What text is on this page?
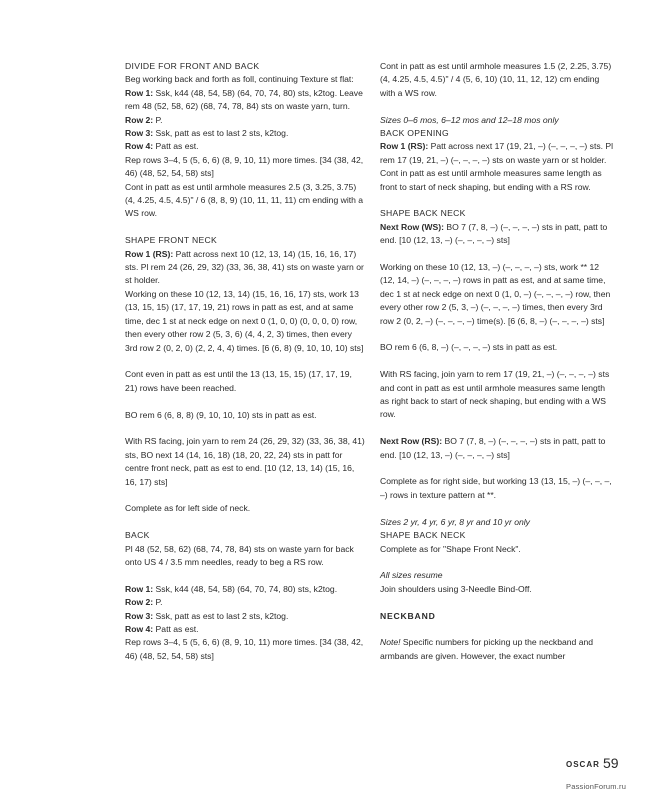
DIVIDE FOR FRONT AND BACK

Beg working back and forth as foll, continuing Texture st flat:

Row 1: Ssk, k44 (48, 54, 58) (64, 70, 74, 80) sts, k2tog. Leave rem 48 (52, 58, 62) (68, 74, 78, 84) sts on waste yarn, turn.

Row 2: P.

Row 3: Ssk, patt as est to last 2 sts, k2tog.

Row 4: Patt as est.

Rep rows 3–4, 5 (5, 6, 6) (8, 9, 10, 11) more times. [34 (38, 42, 46) (48, 52, 54, 58) sts]

Cont in patt as est until armhole measures 2.5 (3, 3.25, 3.75) (4, 4.25, 4.5, 4.5)" / 6 (8, 8, 9) (10, 11, 11, 11) cm ending with a WS row.

SHAPE FRONT NECK

Row 1 (RS): Patt across next 10 (12, 13, 14) (15, 16, 16, 17) sts. Pl rem 24 (26, 29, 32) (33, 36, 38, 41) sts on waste yarn or st holder.

Working on these 10 (12, 13, 14) (15, 16, 16, 17) sts, work 13 (13, 15, 15) (17, 17, 19, 21) rows in patt as est, and at same time, dec 1 st at neck edge on next 0 (1, 0, 0) (0, 0, 0, 0) row, then every other row 2 (5, 3, 6) (4, 4, 2, 3) times, then every 3rd row 2 (0, 2, 0) (2, 2, 4, 4) times. [6 (6, 8) (9, 10, 10, 10) sts]

Cont even in patt as est until the 13 (13, 15, 15) (17, 17, 19, 21) rows have been reached.

BO rem 6 (6, 8, 8) (9, 10, 10, 10) sts in patt as est.

With RS facing, join yarn to rem 24 (26, 29, 32) (33, 36, 38, 41) sts, BO next 14 (14, 16, 18) (18, 20, 22, 24) sts in patt for centre front neck, patt as est to end. [10 (12, 13, 14) (15, 16, 16, 17) sts]

Complete as for left side of neck.

BACK

Pl 48 (52, 58, 62) (68, 74, 78, 84) sts on waste yarn for back onto US 4 / 3.5 mm needles, ready to beg a RS row.

Row 1: Ssk, k44 (48, 54, 58) (64, 70, 74, 80) sts, k2tog.

Row 2: P.

Row 3: Ssk, patt as est to last 2 sts, k2tog.

Row 4: Patt as est.

Rep rows 3–4, 5 (5, 6, 6) (8, 9, 10, 11) more times. [34 (38, 42, 46) (48, 52, 54, 58) sts]

Cont in patt as est until armhole measures 1.5 (2, 2.25, 3.75) (4, 4.25, 4.5, 4.5)" / 4 (5, 6, 10) (10, 11, 12, 12) cm ending with a WS row.

Sizes 0–6 mos, 6–12 mos and 12–18 mos only

BACK OPENING

Row 1 (RS): Patt across next 17 (19, 21, –) (–, –, –, –) sts. Pl rem 17 (19, 21, –) (–, –, –, –) sts on waste yarn or st holder.

Cont in patt as est until armhole measures same length as front to start of neck shaping, but ending with a RS row.

SHAPE BACK NECK

Next Row (WS): BO 7 (7, 8, –) (–, –, –, –) sts in patt, patt to end. [10 (12, 13, –) (–, –, –, –) sts]

Working on these 10 (12, 13, –) (–, –, –, –) sts, work ** 12 (12, 14, –) (–, –, –, –) rows in patt as est, and at same time, dec 1 st at neck edge on next 0 (1, 0, –) (–, –, –, –) row, then every other row 2 (5, 3, –) (–, –, –, –) times, then every 3rd row 2 (0, 2, –) (–, –, –, –) time(s). [6 (6, 8, –) (–, –, –, –) sts]

BO rem 6 (6, 8, –) (–, –, –, –) sts in patt as est.

With RS facing, join yarn to rem 17 (19, 21, –) (–, –, –, –) sts and cont in patt as est until armhole measures same length as right back to start of neck shaping, but ending with a WS row.

Next Row (RS): BO 7 (7, 8, –) (–, –, –, –) sts in patt, patt to end. [10 (12, 13, –) (–, –, –, –) sts]

Complete as for right side, but working 13 (13, 15, –) (–, –, –, –) rows in texture pattern at **.

Sizes 2 yr, 4 yr, 6 yr, 8 yr and 10 yr only

SHAPE BACK NECK

Complete as for "Shape Front Neck".

All sizes resume

Join shoulders using 3-Needle Bind-Off.

NECKBAND

Note! Specific numbers for picking up the neckband and armbands are given. However, the exact number

OSCAR 59
PassionForum.ru
